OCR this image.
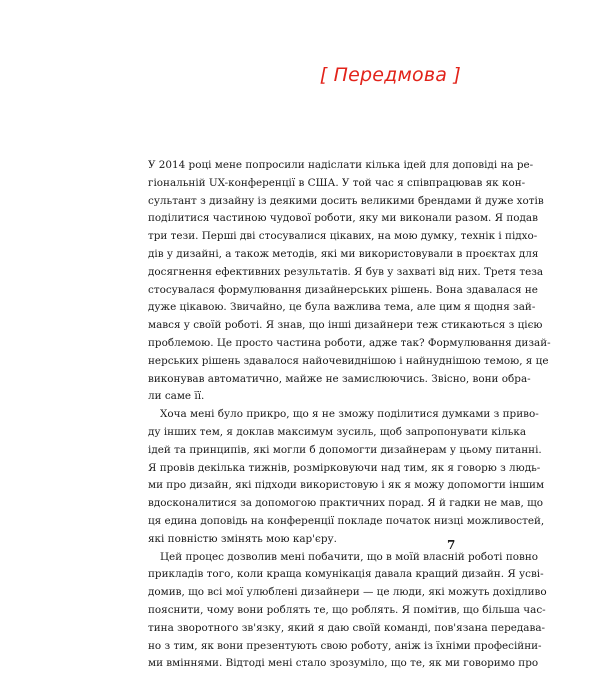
[ Передмова ]
У 2014 році мене попросили надіслати кілька ідей для доповіді на ре-
гіональній UX-конференції в США. У той час я співпрацював як кон-
сультант з дизайну із деякими досить великими брендами й дуже хотів
поділитися частиною чудової роботи, яку ми виконали разом. Я подав
три тези. Перші дві стосувалися цікавих, на мою думку, технік і підхо-
дів у дизайні, а також методів, які ми використовували в проєктах для
досягнення ефективних результатів. Я був у захваті від них. Третя теза
стосувалася формулювання дизайнерських рішень. Вона здавалася не
дуже цікавою. Звичайно, це була важлива тема, але цим я щодня зай-
мався у своїй роботі. Я знав, що інші дизайнери теж стикаються з цією
проблемою. Це просто частина роботи, адже так? Формулювання дизай-
нерських рішень здавалося найочевиднішою і найнуднішою темою, я це
виконував автоматично, майже не замислюючись. Звісно, вони обра-
ли саме її.
Хоча мені було прикро, що я не зможу поділитися думками з приво-
ду інших тем, я доклав максимум зусиль, щоб запропонувати кілька
ідей та принципів, які могли б допомогти дизайнерам у цьому питанні.
Я провів декілька тижнів, розмірковуючи над тим, як я говорю з людь-
ми про дизайн, які підходи використовую і як я можу допомогти іншим
вдосконалитися за допомогою практичних порад. Я й гадки не мав, що
ця едина доповідь на конференції покладе початок низці можливостей,
які повністю змінять мою кар'єру.
Цей процес дозволив мені побачити, що в моїй власній роботі повно
прикладів того, коли краща комунікація давала кращий дизайн. Я усві-
домив, що всі мої улюблені дизайнери — це люди, які можуть дохідливо
пояснити, чому вони роблять те, що роблять. Я помітив, що більша час-
тина зворотного зв'язку, який я даю своїй команді, пов'язана передава-
но з тим, як вони презентують свою роботу, аніж із їхніми професійни-
ми вміннями. Відтоді мені стало зрозуміло, що те, як ми говоримо про
7
